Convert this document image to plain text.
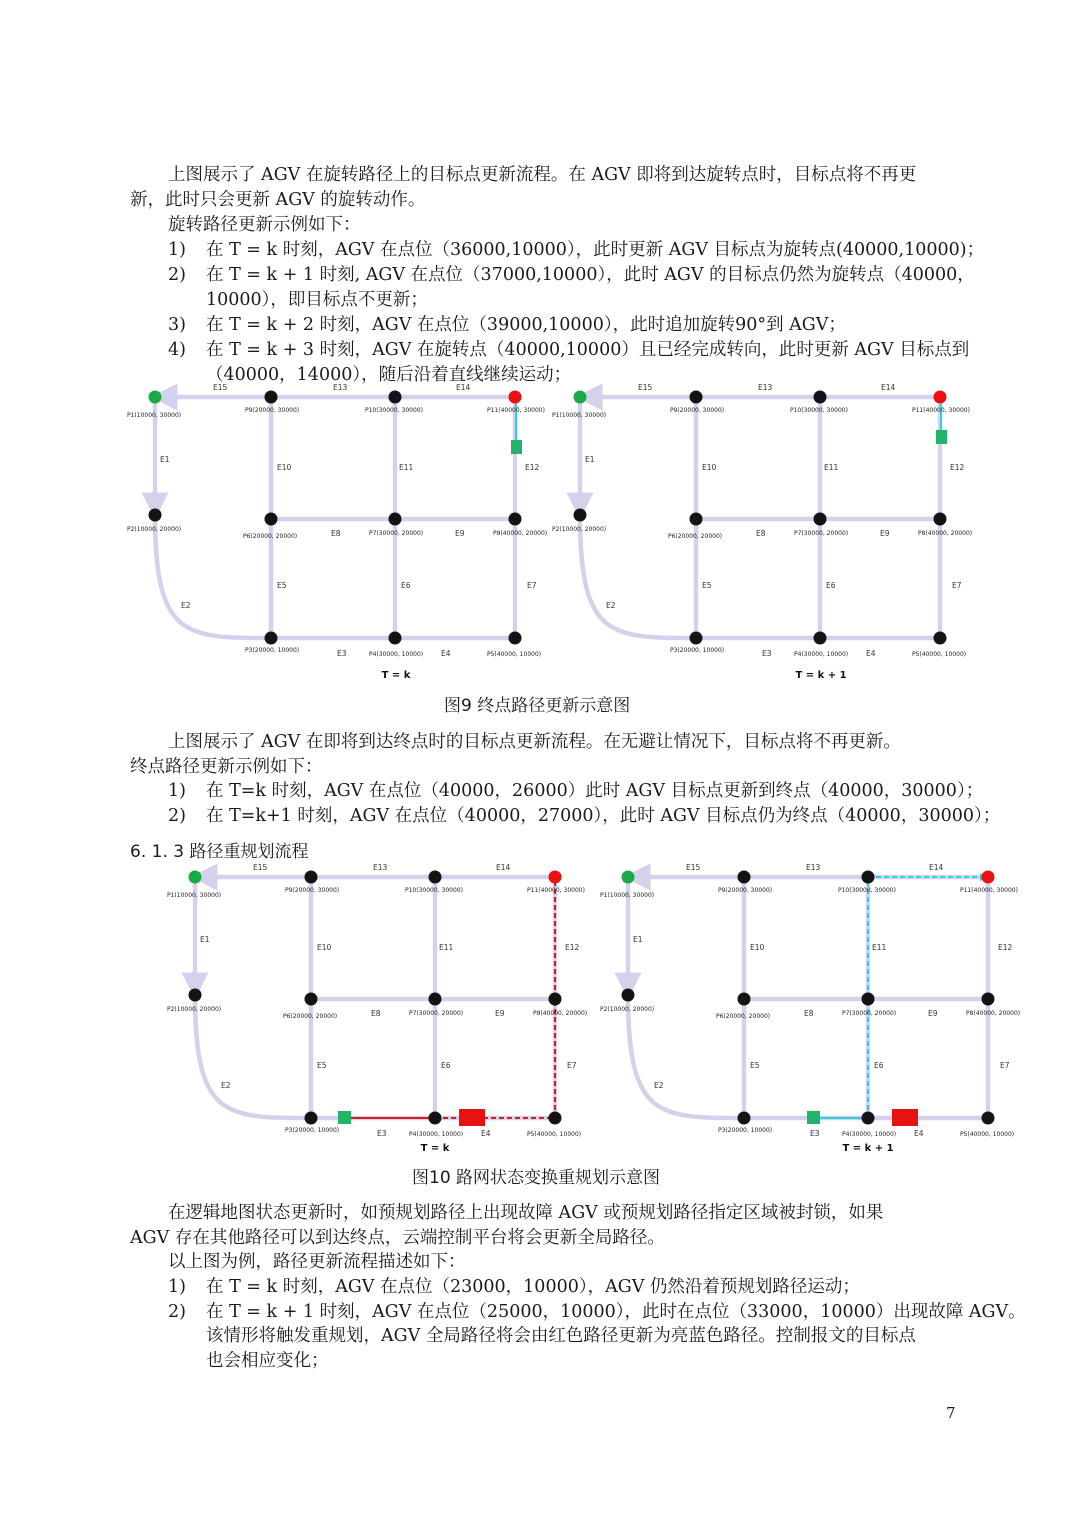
上图展示了 AGV 在旋转路径上的目标点更新流程。在 AGV 即将到达旋转点时，目标点将不再更
新，此时只会更新 AGV 的旋转动作。
旋转路径更新示例如下：
1) 在 T = k 时刻，AGV 在点位（36000,10000），此时更新 AGV 目标点为旋转点(40000,10000)；
2) 在 T = k + 1 时刻, AGV 在点位（37000,10000），此时 AGV 的目标点仍然为旋转点（40000，
10000），即目标点不更新；
3) 在 T = k + 2 时刻，AGV 在点位（39000,10000），此时追加旋转90°到 AGV；
4) 在 T = k + 3 时刻，AGV 在旋转点（40000,10000）且已经完成转向，此时更新 AGV 目标点到
（40000，14000），随后沿着直线继续运动；
E15	E13	E14
E1
E10	E11	E12
E8	E9
E5	E6	E7
E3	E4
E2
P1(10000, 30000)
P9(20000, 30000)	P10(30000, 30000)	P11(40000, 30000)
P2(10000, 20000)
P6(20000, 20000)	P7(30000, 20000)	P8(40000, 20000)
P3(20000, 10000)
P4(30000, 10000)	P5(40000, 10000)
T = k
E15	E13	E14
E1
E10	E11	E12
E8	E9
E5	E6	E7
E3	E4
E2
P1(10000, 30000)
P9(20000, 30000)	P10(30000, 30000)	P11(40000, 30000)
P2(10000, 20000)
P6(20000, 20000)	P7(30000, 20000)	P8(40000, 20000)
P3(20000, 10000)
P4(30000, 10000)	P5(40000, 10000)
T = k + 1
图9 终点路径更新示意图
上图展示了 AGV 在即将到达终点时的目标点更新流程。在无避让情况下，目标点将不再更新。
终点路径更新示例如下：
1) 在 T=k 时刻，AGV 在点位（40000，26000）此时 AGV 目标点更新到终点（40000，30000）；
2) 在 T=k+1 时刻，AGV 在点位（40000，27000），此时 AGV 目标点仍为终点（40000，30000）；
6. 1. 3 路径重规划流程
E15	E13	E14
E1
E10	E11	E12
E8	E9
E5	E6	E7
E3	E4
E2
P1(10000, 30000)
P9(20000, 30000)	P10(30000, 30000)	P11(40000, 30000)
P2(10000, 20000)
P6(20000, 20000)	P7(30000, 20000)	P8(40000, 20000)
P3(20000, 10000)
P4(30000, 10000)	P5(40000, 10000)
T = k
E15	E13	E14
E1
E10	E11	E12
E8	E9
E5	E6	E7
E3	E4
E2
P1(10000, 30000)
P9(20000, 30000)	P10(30000, 30000)	P11(40000, 30000)
P2(10000, 20000)
P6(20000, 20000)	P7(30000, 20000)	P8(40000, 20000)
P3(20000, 10000)
P4(30000, 10000)	P5(40000, 10000)
T = k + 1
图10 路网状态变换重规划示意图
在逻辑地图状态更新时，如预规划路径上出现故障 AGV 或预规划路径指定区域被封锁，如果
AGV 存在其他路径可以到达终点，云端控制平台将会更新全局路径。
以上图为例，路径更新流程描述如下：
1) 在 T = k 时刻，AGV 在点位（23000，10000），AGV 仍然沿着预规划路径运动；
2) 在 T = k + 1 时刻，AGV 在点位（25000，10000），此时在点位（33000，10000）出现故障 AGV。
该情形将触发重规划，AGV 全局路径将会由红色路径更新为亮蓝色路径。控制报文的目标点
也会相应变化；
7
